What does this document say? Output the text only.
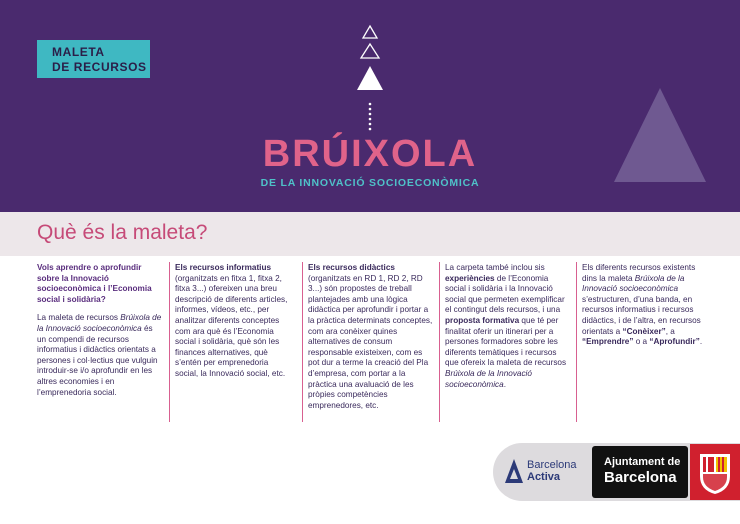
MALETA
DE RECURSOS
BRÚIXOLA
DE LA INNOVACIÓ SOCIOECONÒMICA
Què és la maleta?

Vols aprendre o aprofundir sobre la Innovació socioeconòmica i l’Economia social i solidària?

La maleta de recursos Brúixola de la Innovació socioeconòmica és un compendi de recursos informatius i didàctics orientats a persones i col·lectius que vulguin introduir-se i/o aprofundir en les altres economies i en l’emprenedoria social.

Els recursos informatius
(organitzats en fitxa 1, fitxa 2, fitxa 3...) ofereixen una breu descripció de diferents articles, informes, vídeos, etc., per analitzar diferents conceptes com ara què és l’Economia social i solidària, què són les finances alternatives, què s’entén per emprenedoria social, la Innovació social, etc.

Els recursos didàctics
(organitzats en RD 1, RD 2, RD 3...) són propostes de treball plantejades amb una lògica didàctica per aprofundir i portar a la pràctica determinats conceptes, com ara conèixer quines alternatives de consum responsable existeixen, com es pot dur a terme la creació del Pla d’empresa, com portar a la pràctica una avaluació de les pròpies competències emprenedores, etc.

La carpeta també inclou sis experiències de l’Economia social i solidària i la Innovació social que permeten exemplificar el contingut dels recursos, i una proposta formativa que té per finalitat oferir un itinerari per a persones formadores sobre les diferents temàtiques i recursos que ofereix la maleta de recursos Brúixola de la Innovació socioeconòmica.

Els diferents recursos existents dins la maleta Brúixola de la Innovació socioeconòmica s’estructuren, d’una banda, en recursos informatius i recursos didàctics, i de l’altra, en recursos orientats a “Conèixer”, a “Emprendre” o a “Aprofundir”.

Barcelona
Activa
Ajuntament de
Barcelona
